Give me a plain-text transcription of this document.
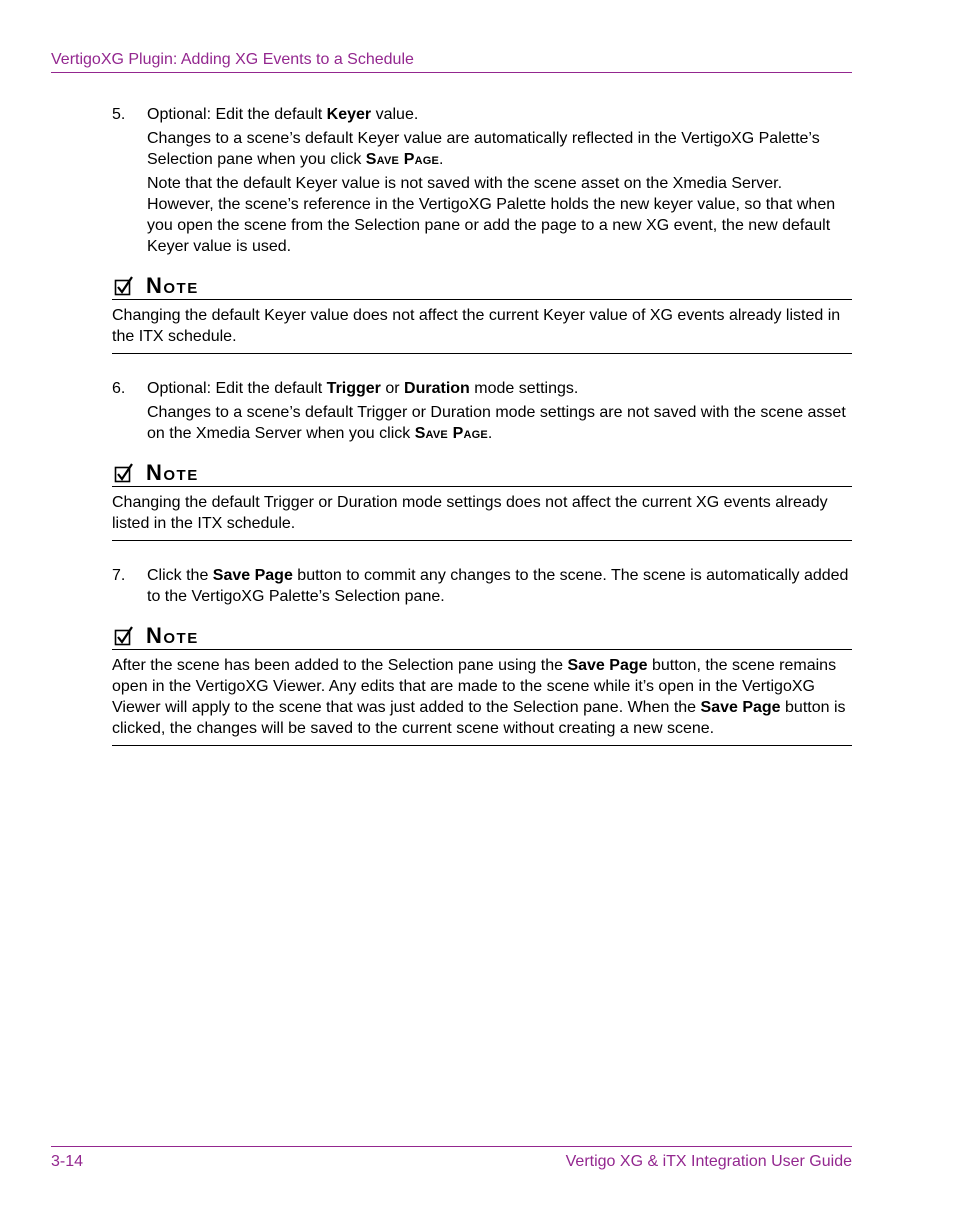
VertigoXG Plugin: Adding XG Events to a Schedule
5. Optional: Edit the default Keyer value.

Changes to a scene’s default Keyer value are automatically reflected in the VertigoXG Palette’s Selection pane when you click Save Page.

Note that the default Keyer value is not saved with the scene asset on the Xmedia Server. However, the scene’s reference in the VertigoXG Palette holds the new keyer value, so that when you open the scene from the Selection pane or add the page to a new XG event, the new default Keyer value is used.

Note

Changing the default Keyer value does not affect the current Keyer value of XG events already listed in the ITX schedule.

6. Optional: Edit the default Trigger or Duration mode settings.

Changes to a scene’s default Trigger or Duration mode settings are not saved with the scene asset on the Xmedia Server when you click Save Page.

Note

Changing the default Trigger or Duration mode settings does not affect the current XG events already listed in the ITX schedule.

7. Click the Save Page button to commit any changes to the scene. The scene is automatically added to the VertigoXG Palette’s Selection pane.

Note

After the scene has been added to the Selection pane using the Save Page button, the scene remains open in the VertigoXG Viewer. Any edits that are made to the scene while it’s open in the VertigoXG Viewer will apply to the scene that was just added to the Selection pane. When the Save Page button is clicked, the changes will be saved to the current scene without creating a new scene.

3-14	Vertigo XG & iTX Integration User Guide
